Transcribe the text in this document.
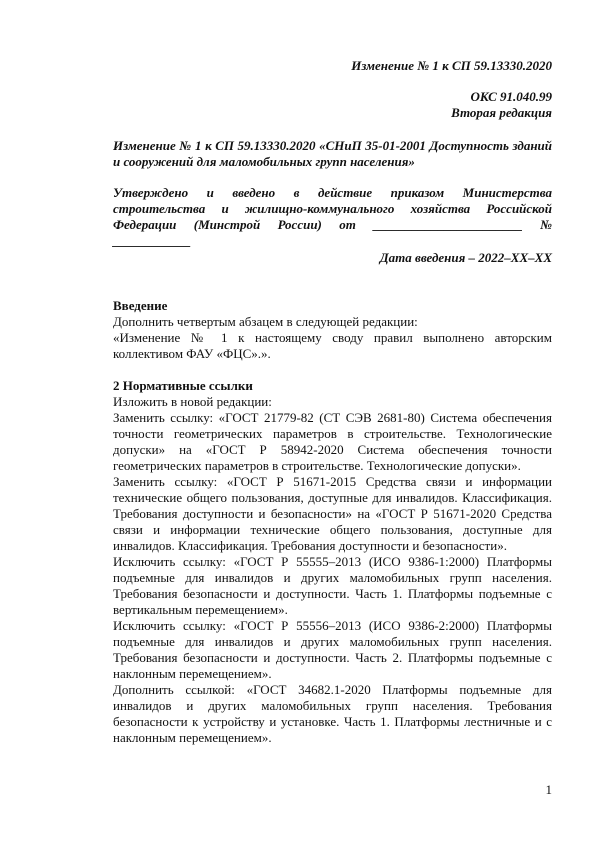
Изменение № 1 к СП 59.13330.2020
ОКС 91.040.99
Вторая редакция
Изменение № 1 к СП 59.13330.2020 «СНиП 35-01-2001 Доступность зданий и сооружений для маломобильных групп населения»
Утверждено и введено в действие приказом Министерства строительства и жилищно-коммунального хозяйства Российской Федерации (Минстрой России) от _______________________ № ____________
Дата введения – 2022–XX–XX

Введение

Дополнить четвертым абзацем в следующей редакции:

«Изменение № 1 к настоящему своду правил выполнено авторским коллективом ФАУ «ФЦС».».

2 Нормативные ссылки

Изложить в новой редакции:

Заменить ссылку: «ГОСТ 21779-82 (СТ СЭВ 2681-80) Система обеспечения точности геометрических параметров в строительстве. Технологические допуски» на «ГОСТ Р 58942-2020 Система обеспечения точности геометрических параметров в строительстве. Технологические допуски».

Заменить ссылку: «ГОСТ Р 51671-2015 Средства связи и информации технические общего пользования, доступные для инвалидов. Классификация. Требования доступности и безопасности» на «ГОСТ Р 51671-2020 Средства связи и информации технические общего пользования, доступные для инвалидов. Классификация. Требования доступности и безопасности».

Исключить ссылку: «ГОСТ Р 55555–2013 (ИСО 9386-1:2000) Платформы подъемные для инвалидов и других маломобильных групп населения. Требования безопасности и доступности. Часть 1. Платформы подъемные с вертикальным перемещением».

Исключить ссылку: «ГОСТ Р 55556–2013 (ИСО 9386-2:2000) Платформы подъемные для инвалидов и других маломобильных групп населения. Требования безопасности и доступности. Часть 2. Платформы подъемные с наклонным перемещением».

Дополнить ссылкой: «ГОСТ 34682.1-2020 Платформы подъемные для инвалидов и других маломобильных групп населения. Требования безопасности к устройству и установке. Часть 1. Платформы лестничные и с наклонным перемещением».

1
